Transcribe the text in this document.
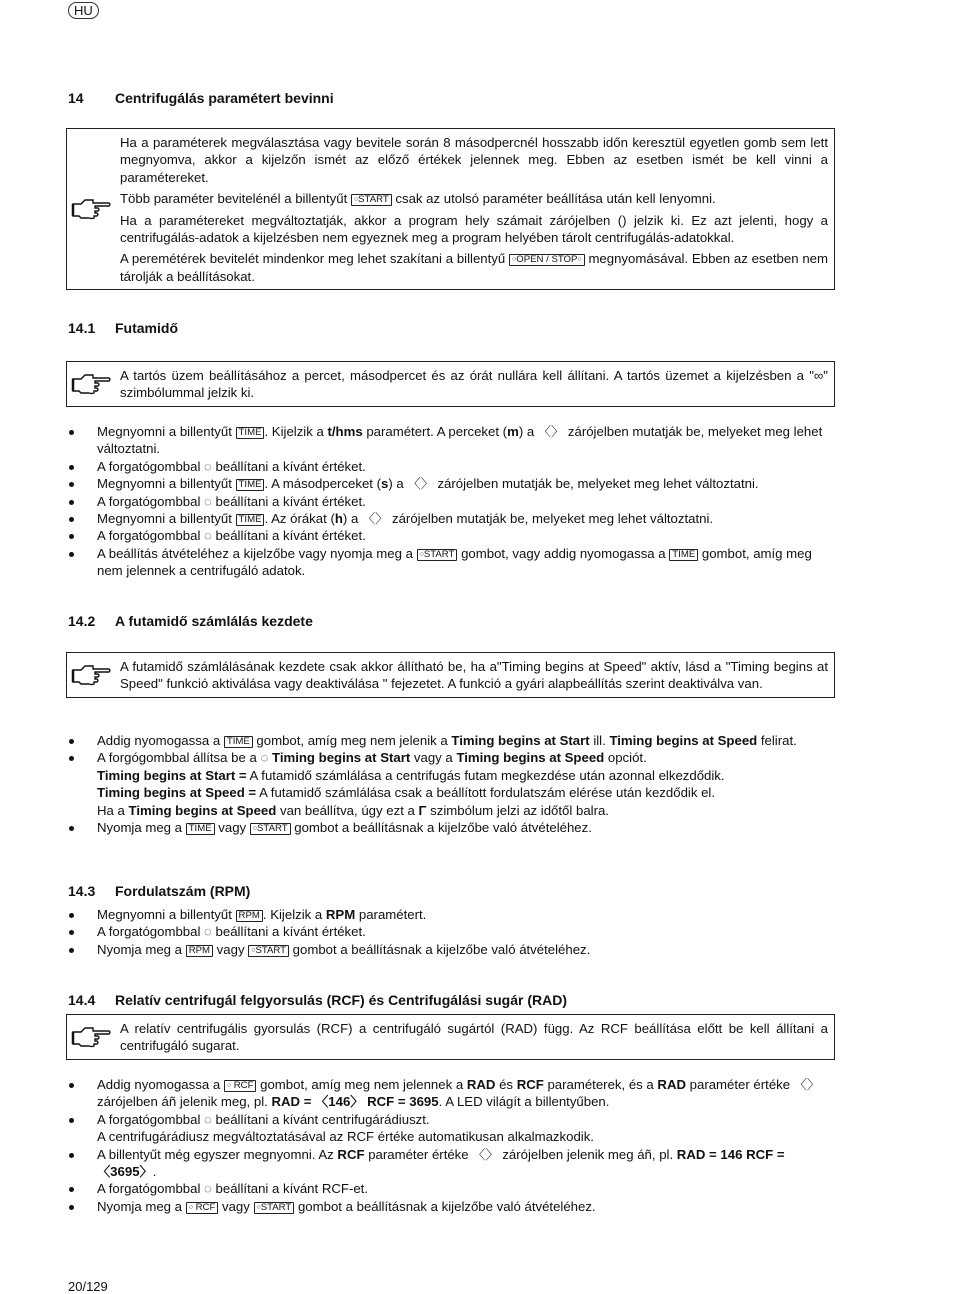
HU
14 Centrifugálás paramétert bevinni

Ha a paraméterek megválasztása vagy bevitele során 8 másodpercnél hosszabb időn keresztül egyetlen gomb sem lett megnyomva, akkor a kijelzőn ismét az előző értékek jelennek meg. Ebben az esetben ismét be kell vinni a paramétereket.

Több paraméter bevitelénél a billentyűt ○START csak az utolsó paraméter beállítása után kell lenyomni.

Ha a paramétereket megváltoztatják, akkor a program hely számait zárójelben () jelzik ki. Ez azt jelenti, hogy a centrifugálás-adatok a kijelzésben nem egyeznek meg a program helyében tárolt centrifugálás-adatokkal.

A peremétérek bevitelét mindenkor meg lehet szakítani a billentyű ○OPEN / STOP○ megnyomásával. Ebben az esetben nem tárolják a beállításokat.

14.1 Futamidő

A tartós üzem beállításához a percet, másodpercet és az órát nullára kell állítani. A tartós üzemet a kijelzésben a "∞" szimbólummal jelzik ki.

Megnyomni a billentyűt TIME . Kijelzik a t/hms paramétert. A perceket (m) a 〈〉 zárójelben mutatják be, melyeket meg lehet változtatni.
A forgatógombbal ◌ beállítani a kívánt értéket.
Megnyomni a billentyűt TIME . A másodperceket (s) a 〈〉 zárójelben mutatják be, melyeket meg lehet változtatni.
A forgatógombbal ◌ beállítani a kívánt értéket.
Megnyomni a billentyűt TIME . Az órákat (h) a 〈〉 zárójelben mutatják be, melyeket meg lehet változtatni.
A forgatógombbal ◌ beállítani a kívánt értéket.
A beállítás átvételéhez a kijelzőbe vagy nyomja meg a ○START gombot, vagy addig nyomogassa a TIME gombot, amíg meg nem jelennek a centrifugáló adatok.
14.2 A futamidő számlálás kezdete

A futamidő számlálásának kezdete csak akkor állítható be, ha a"Timing begins at Speed" aktív, lásd a "Timing begins at Speed" funkció aktiválása vagy deaktiválása " fejezetet. A funkció a gyári alapbeállítás szerint deaktiválva van.

Addig nyomogassa a TIME gombot, amíg meg nem jelenik a Timing begins at Start ill. Timing begins at Speed felirat.
A forgógombbal állítsa be a ◌ Timing begins at Start vagy a Timing begins at Speed opciót.
Timing begins at Start = A futamidő számlálása a centrifugás futam megkezdése után azonnal elkezdődik.
Timing begins at Speed = A futamidő számlálása csak a beállított fordulatszám elérése után kezdődik el.
Ha a Timing begins at Speed van beállítva, úgy ezt a Γ szimbólum jelzi az időtől balra.
Nyomja meg a TIME vagy ○START gombot a beállításnak a kijelzőbe való átvételéhez.
14.3 Fordulatszám (RPM)
Megnyomni a billentyűt RPM . Kijelzik a RPM paramétert.
A forgatógombbal ◌ beállítani a kívánt értéket.
Nyomja meg a RPM vagy ○START gombot a beállításnak a kijelzőbe való átvételéhez.
14.4 Relatív centrifugál felgyorsulás (RCF) és Centrifugálási sugár (RAD)

A relatív centrifugális gyorsulás (RCF) a centrifugáló sugártól (RAD) függ. Az RCF beállítása előtt be kell állítani a centrifugáló sugarat.

Addig nyomogassa a ○ RCF gombot, amíg meg nem jelennek a RAD és RCF paraméterek, és a RAD paraméter értéke 〈〉 zárójelben áñ jelenik meg, pl. RAD = 〈146〉 RCF = 3695. A LED világít a billentyűben.
A forgatógombbal ◌ beállítani a kívánt centrifugárádiuszt.
A centrifugárádiusz megváltoztatásával az RCF értéke automatikusan alkalmazkodik.
A billentyűt még egyszer megnyomni. Az RCF paraméter értéke 〈〉 zárójelben jelenik meg áñ, pl. RAD = 146 RCF = 〈3695〉.
A forgatógombbal ◌ beállítani a kívánt RCF-et.
Nyomja meg a ○ RCF vagy ○START gombot a beállításnak a kijelzőbe való átvételéhez.
20/129
